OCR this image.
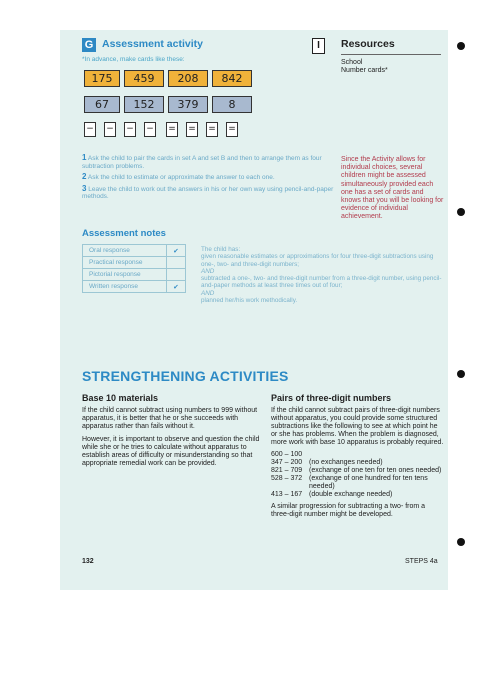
G Assessment activity
*In advance, make cards like these:
I	Resources
School
Number cards*
175	459	208	842
67	152	379	8
− − − − = = = =
1 Ask the child to pair the cards in set A and set B and then to arrange them as four subtraction problems.
2 Ask the child to estimate or approximate the answer to each one.
3 Leave the child to work out the answers in his or her own way using pencil-and-paper methods.
Since the Activity allows for individual choices, several children might be assessed simultaneously provided each one has a set of cards and knows that you will be looking for evidence of individual achievement.
Assessment notes
Oral response	✔
Practical response	
Pictorial response	
Written response	✔
The child has:
given reasonable estimates or approximations for four three-digit subtractions using one-, two- and three-digit numbers;
AND
subtracted a one-, two- and three-digit number from a three-digit number, using pencil-and-paper methods at least three times out of four;
AND
planned her/his work methodically.
STRENGTHENING ACTIVITIES
Base 10 materials

If the child cannot subtract using numbers to 999 without apparatus, it is better that he or she succeeds with apparatus rather than fails without it.

However, it is important to observe and question the child while she or he tries to calculate without apparatus to establish areas of difficulty or misunderstanding so that appropriate remedial work can be provided.

Pairs of three-digit numbers

If the child cannot subtract pairs of three-digit numbers without apparatus, you could provide some structured subtractions like the following to see at which point he or she has problems. When the problem is diagnosed, more work with base 10 apparatus is probably required.

600 – 100
347 – 200 (no exchanges needed)
821 – 709 (exchange of one ten for ten ones needed)
528 – 372 (exchange of one hundred for ten tens needed)
413 – 167 (double exchange needed)

A similar progression for subtracting a two- from a three-digit number might be developed.

132	STEPS 4a
